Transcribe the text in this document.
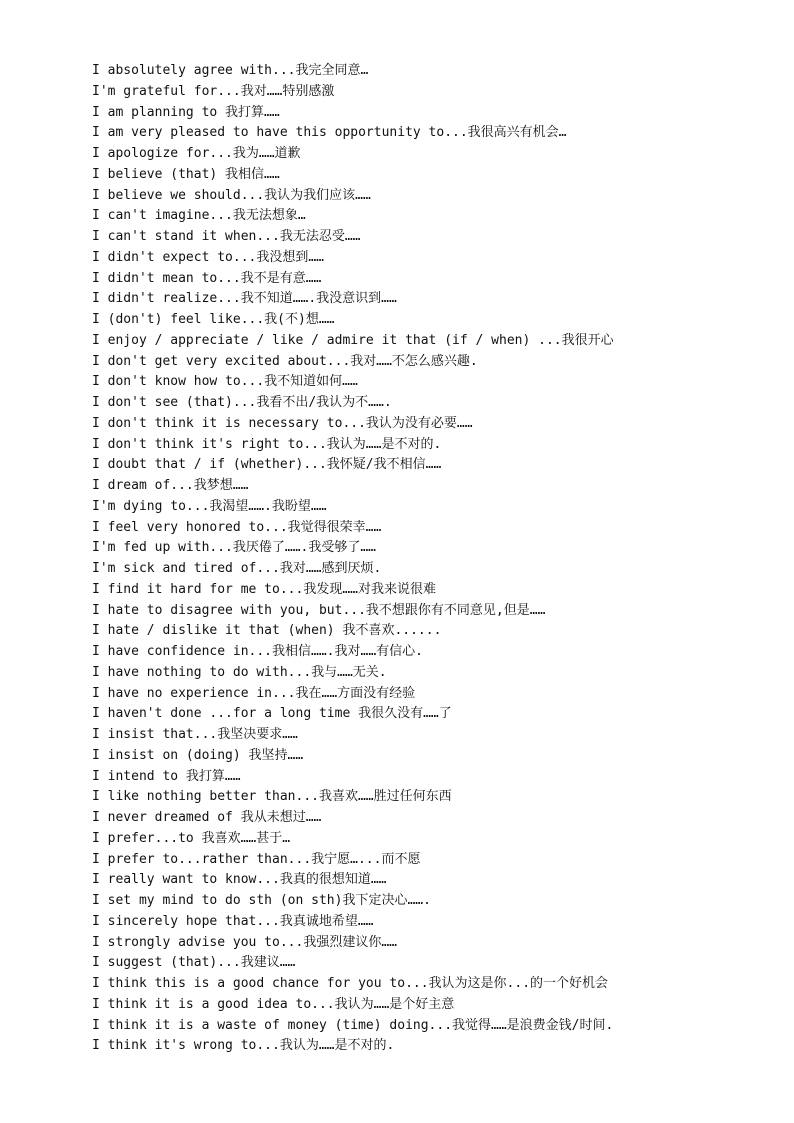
I absolutely agree with...我完全同意…
I'm grateful for...我对……特别感激
I am planning to 我打算……
I am very pleased to have this opportunity to...我很高兴有机会…
I apologize for...我为……道歉
I believe (that) 我相信……
I believe we should...我认为我们应该……
I can't imagine...我无法想象…
I can't stand it when...我无法忍受……
I didn't expect to...我没想到……
I didn't mean to...我不是有意……
I didn't realize...我不知道…….我没意识到……
I (don't) feel like...我(不)想……
I enjoy / appreciate / like / admire it that (if / when) ...我很开心
I don't get very excited about...我对……不怎么感兴趣.
I don't know how to...我不知道如何……
I don't see (that)...我看不出/我认为不…….
I don't think it is necessary to...我认为没有必要……
I don't think it's right to...我认为……是不对的.
I doubt that / if (whether)...我怀疑/我不相信……
I dream of...我梦想……
I'm dying to...我渴望…….我盼望……
I feel very honored to...我觉得很荣幸……
I'm fed up with...我厌倦了…….我受够了……
I'm sick and tired of...我对……感到厌烦.
I find it hard for me to...我发现……对我来说很难
I hate to disagree with you, but...我不想跟你有不同意见,但是……
I hate / dislike it that (when) 我不喜欢......
I have confidence in...我相信…….我对……有信心.
I have nothing to do with...我与……无关.
I have no experience in...我在……方面没有经验
I haven't done ...for a long time 我很久没有……了
I insist that...我坚决要求……
I insist on (doing) 我坚持……
I intend to 我打算……
I like nothing better than...我喜欢……胜过任何东西
I never dreamed of 我从未想过……
I prefer...to 我喜欢……甚于…
I prefer to...rather than...我宁愿…...而不愿
I really want to know...我真的很想知道……
I set my mind to do sth (on sth)我下定决心…….
I sincerely hope that...我真诚地希望……
I strongly advise you to...我强烈建议你……
I suggest (that)...我建议……
I think this is a good chance for you to...我认为这是你...的一个好机会
I think it is a good idea to...我认为……是个好主意
I think it is a waste of money (time) doing...我觉得……是浪费金钱/时间.
I think it's wrong to...我认为……是不对的.
